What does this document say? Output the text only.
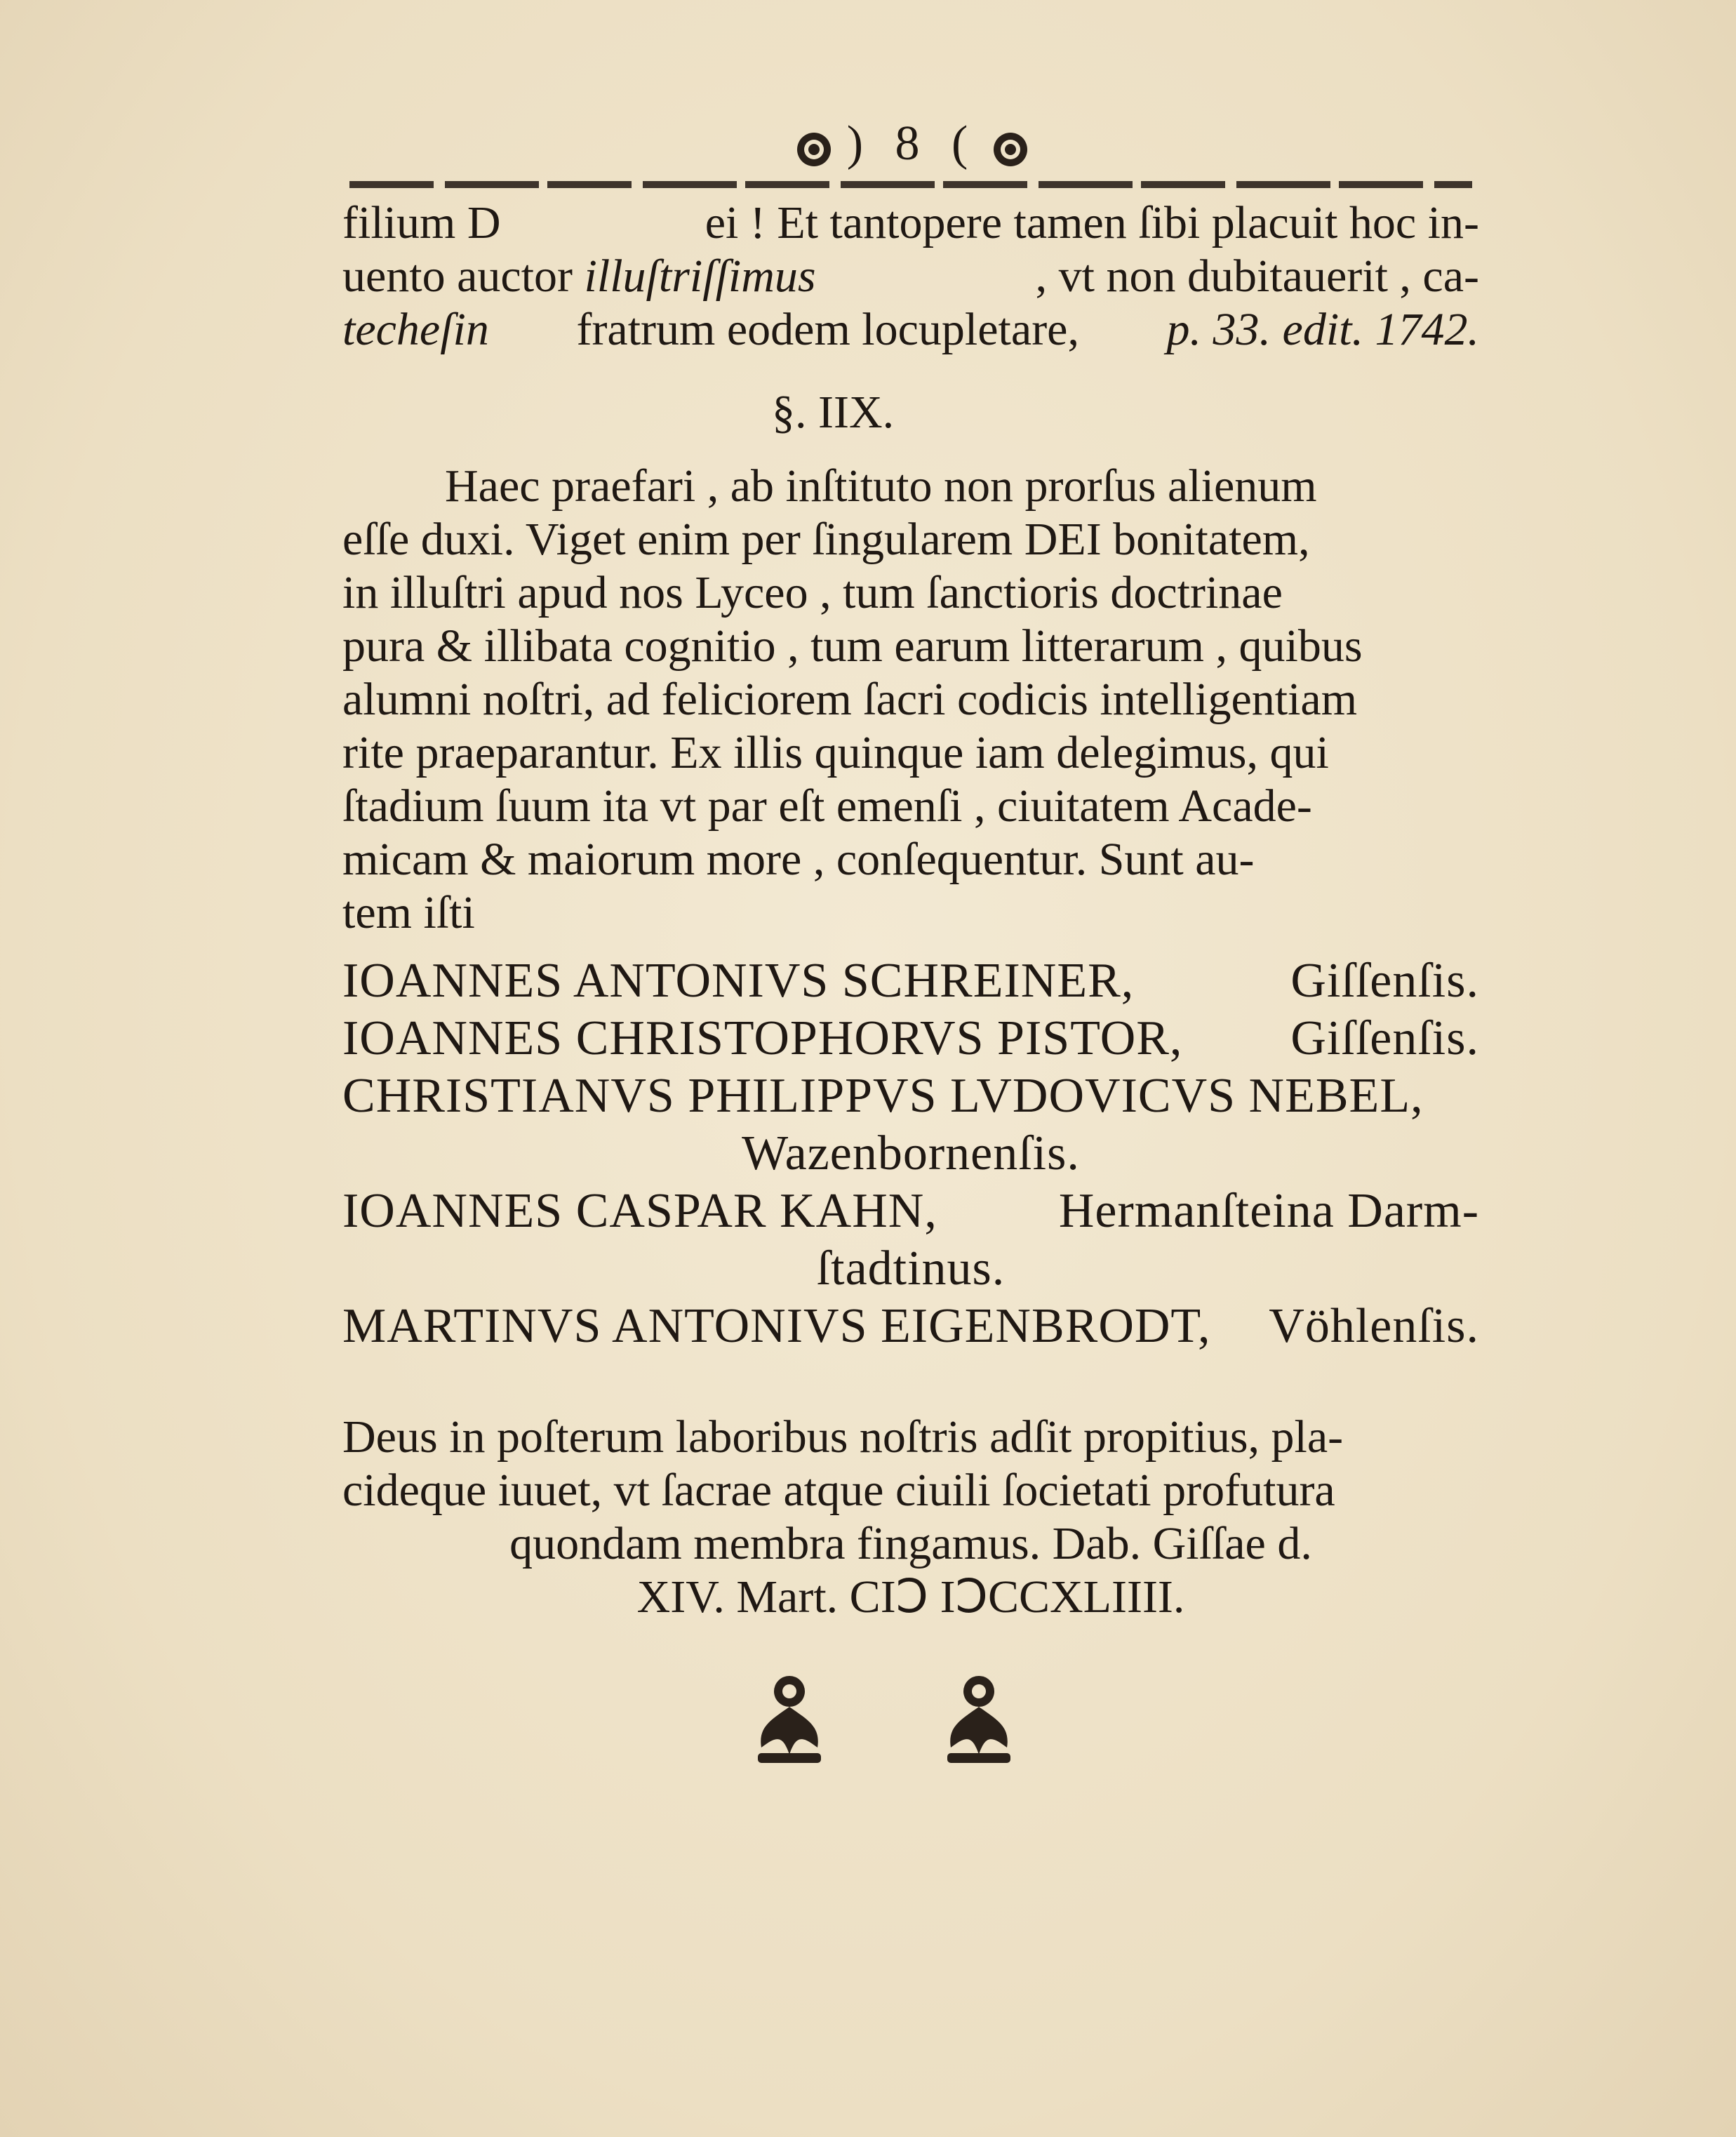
) 8 (
filium D	ei ! Et tantopere tamen ſibi placuit hoc in-
uento auctor illuſtriſſimus	, vt non dubitauerit , ca-
techeſin fratrum eodem locupletare, p. 33. edit. 1742.
§. IIX.
Haec praefari , ab inſtituto non prorſus alienum
eſſe duxi. Viget enim per ſingularem DEI bonitatem,
in illuſtri apud nos Lyceo , tum ſanctioris doctrinae
pura & illibata cognitio , tum earum litterarum , quibus
alumni noſtri, ad feliciorem ſacri codicis intelligentiam
rite praeparantur. Ex illis quinque iam delegimus, qui
ſtadium ſuum ita vt par eſt emenſi , ciuitatem Acade-
micam & maiorum more , conſequentur. Sunt au-
tem iſti
IOANNES ANTONIVS SCHREINER,	Giſſenſis.
IOANNES CHRISTOPHORVS PISTOR, Giſſenſis.
CHRISTIANVS PHILIPPVS LVDOVICVS NEBEL,
Wazenbornenſis.
IOANNES CASPAR KAHN, Hermanſteina Darm-
ſtadtinus.
MARTINVS ANTONIVS EIGENBRODT, Vöhlenſis.
Deus in poſterum laboribus noſtris adſit propitius, pla-
cideque iuuet, vt ſacrae atque ciuili ſocietati profutura
quondam membra fingamus. Dab. Giſſae d.
XIV. Mart. CIↃ IↃCCXLIIII.
